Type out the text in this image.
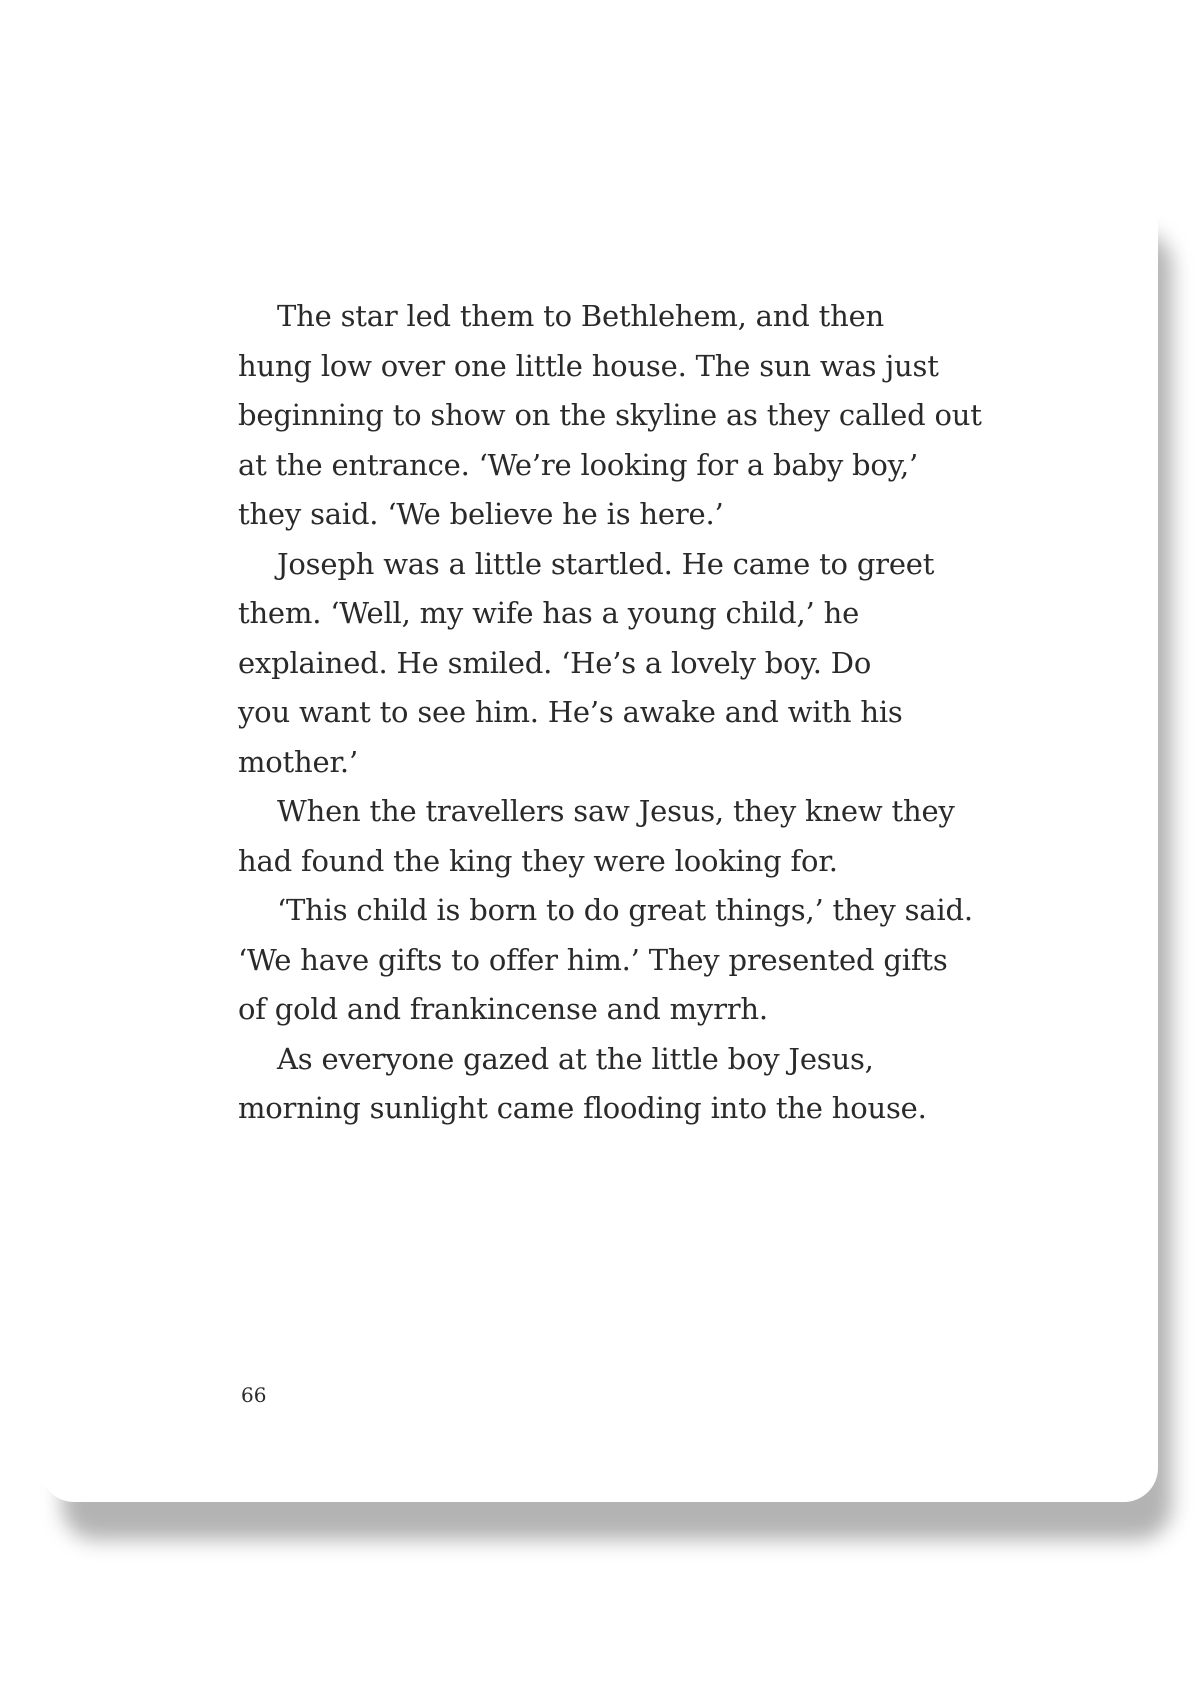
The star led them to Bethlehem, and then
hung low over one little house. The sun was just
beginning to show on the skyline as they called out
at the entrance. ‘We’re looking for a baby boy,’
they said. ‘We believe he is here.’
Joseph was a little startled. He came to greet
them. ‘Well, my wife has a young child,’ he
explained. He smiled. ‘He’s a lovely boy. Do
you want to see him. He’s awake and with his
mother.’
When the travellers saw Jesus, they knew they
had found the king they were looking for.
‘This child is born to do great things,’ they said.
‘We have gifts to offer him.’ They presented gifts
of gold and frankincense and myrrh.
As everyone gazed at the little boy Jesus,
morning sunlight came flooding into the house.
66
